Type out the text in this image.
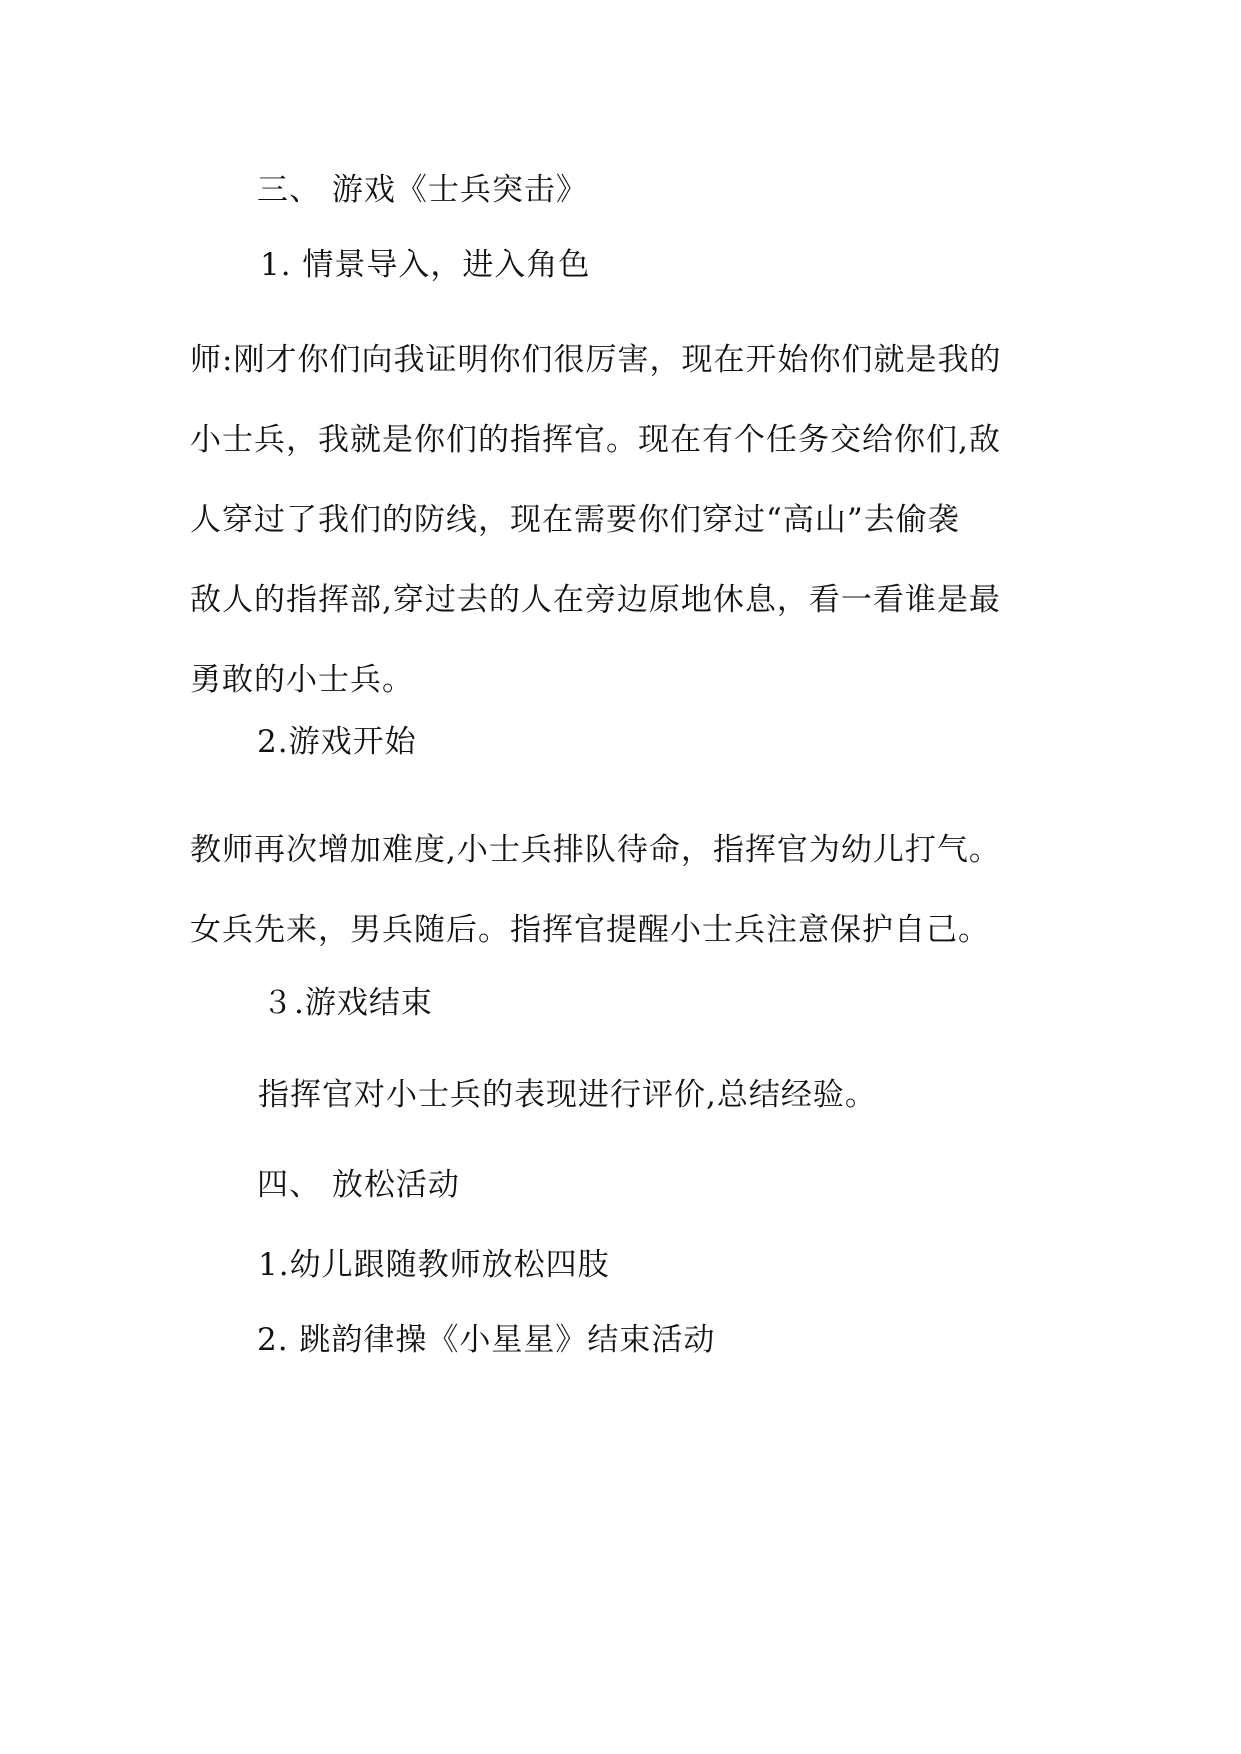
三、 游戏《士兵突击》
1. 情景导入，进入角色
师:刚才你们向我证明你们很厉害，现在开始你们就是我的
小士兵，我就是你们的指挥官。现在有个任务交给你们,敌
人穿过了我们的防线，现在需要你们穿过“高山”去偷袭
敌人的指挥部,穿过去的人在旁边原地休息，看一看谁是最
勇敢的小士兵。
2.游戏开始
教师再次增加难度,小士兵排队待命，指挥官为幼儿打气。
女兵先来，男兵随后。指挥官提醒小士兵注意保护自己。
３.游戏结束
指挥官对小士兵的表现进行评价,总结经验。
四、 放松活动
1.幼儿跟随教师放松四肢
2. 跳韵律操《小星星》结束活动
